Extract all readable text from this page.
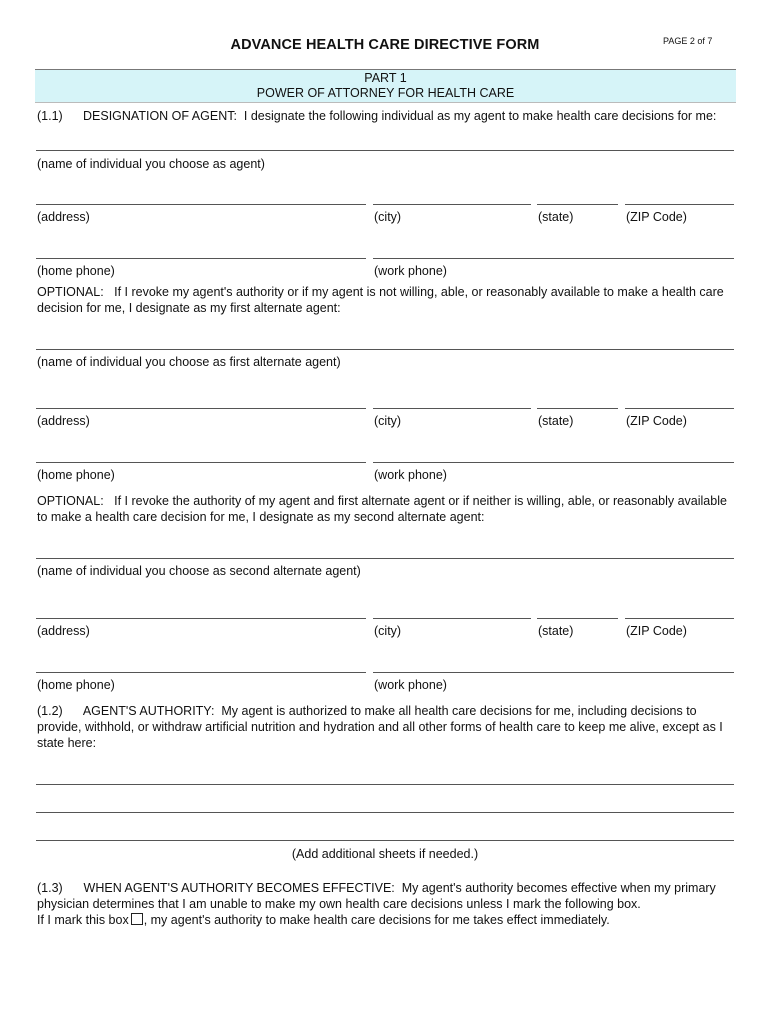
ADVANCE HEALTH CARE DIRECTIVE FORM	PAGE 2 of 7
PART 1
POWER OF ATTORNEY FOR HEALTH CARE
(1.1) DESIGNATION OF AGENT:  I designate the following individual as my agent to make health care decisions for me:
(name of individual you choose as agent)
(address)	(city)	(state)	(ZIP Code)
(home phone)	(work phone)
OPTIONAL:   If I revoke my agent's authority or if my agent is not willing, able, or reasonably available to make a health care decision for me, I designate as my first alternate agent:
(name of individual you choose as first alternate agent)
(address)	(city)	(state)	(ZIP Code)
(home phone)	(work phone)
OPTIONAL:   If I revoke the authority of my agent and first alternate agent or if neither is willing, able, or reasonably available to make a health care decision for me, I designate as my second alternate agent:
(name of individual you choose as second alternate agent)
(address)	(city)	(state)	(ZIP Code)
(home phone)	(work phone)
(1.2)      AGENT'S AUTHORITY:  My agent is authorized to make all health care decisions for me, including decisions to provide, withhold, or withdraw artificial nutrition and hydration and all other forms of health care to keep me alive, except as I state here:
(Add additional sheets if needed.)
(1.3)      WHEN AGENT'S AUTHORITY BECOMES EFFECTIVE:  My agent's authority becomes effective when my primary physician determines that I am unable to make my own health care decisions unless I mark the following box.
If I mark this box , my agent's authority to make health care decisions for me takes effect immediately.
